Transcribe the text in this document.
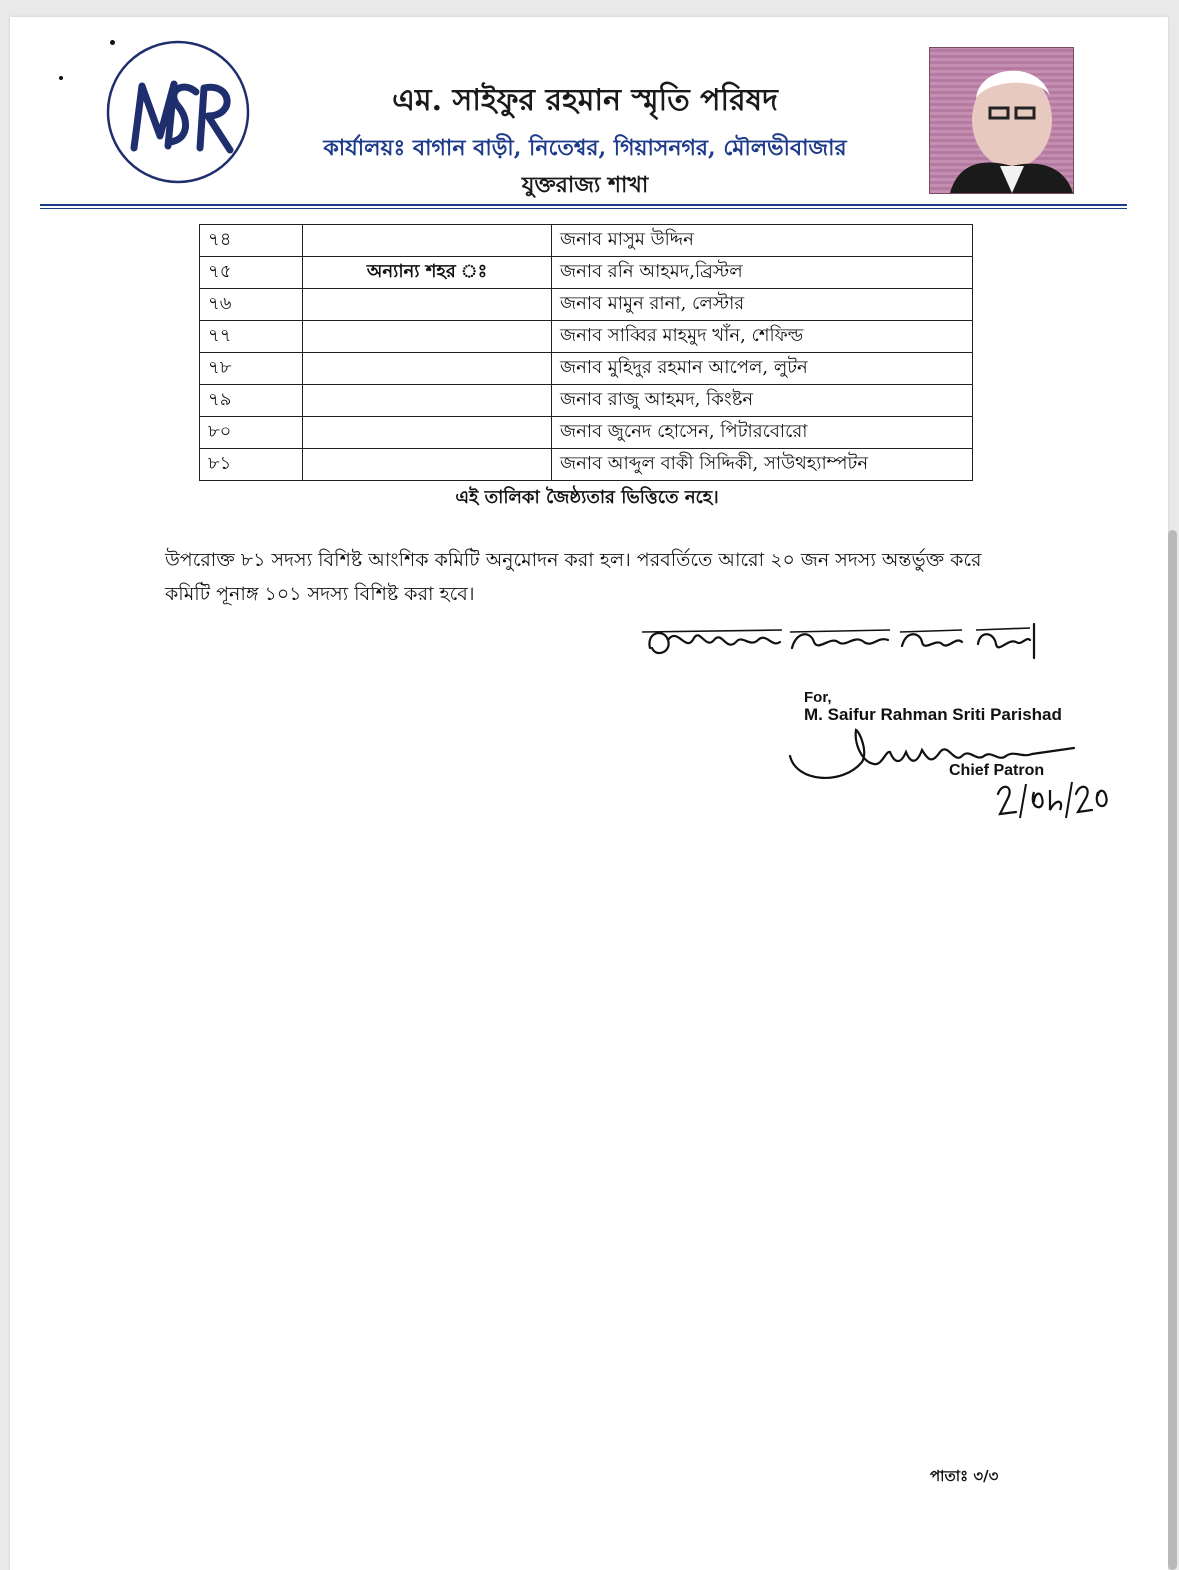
এম. সাইফুর রহমান স্মৃতি পরিষদ
কার্যালয়ঃ বাগান বাড়ী, নিতেশ্বর, গিয়াসনগর, মৌলভীবাজার
যুক্তরাজ্য শাখা
৭৪		জনাব মাসুম উদ্দিন
৭৫	অন্যান্য শহর ঃ	জনাব রনি আহমদ,ব্রিস্টল
৭৬		জনাব মামুন রানা, লেস্টার
৭৭		জনাব সাব্বির মাহমুদ খাঁন, শেফিল্ড
৭৮		জনাব মুহিদুর রহমান আপেল, লুটন
৭৯		জনাব রাজু আহমদ, কিংষ্টন
৮০		জনাব জুনেদ হোসেন, পিটারবোরো
৮১		জনাব আব্দুল বাকী সিদ্দিকী, সাউথহ্যাম্পটন
এই তালিকা জৈষ্ঠ্যতার ভিত্তিতে নহে।
উপরোক্ত ৮১ সদস্য বিশিষ্ট আংশিক কমিটি অনুমোদন করা হল। পরবর্তিতে আরো ২০ জন সদস্য অন্তর্ভুক্ত করে কমিটি পূনাঙ্গ ১০১ সদস্য বিশিষ্ট করা হবে।
For,
M. Saifur Rahman Sriti Parishad
Chief Patron
পাতাঃ ৩/৩
